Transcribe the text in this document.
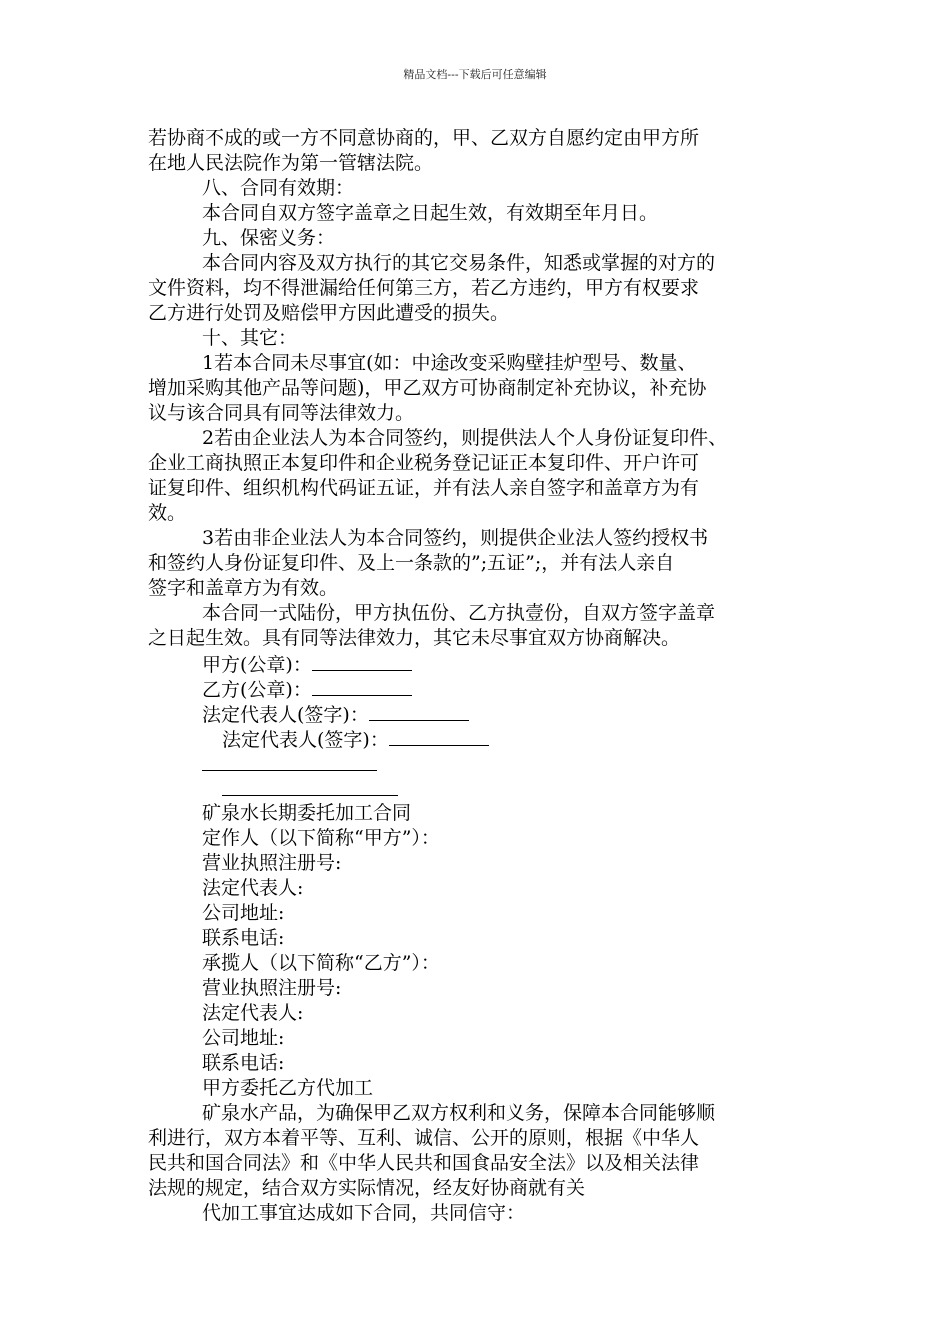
精品文档---下载后可任意编辑
若协商不成的或一方不同意协商的，甲、乙双方自愿约定由甲方所
在地人民法院作为第一管辖法院。
八、合同有效期：
本合同自双方签字盖章之日起生效，有效期至年月日。
九、保密义务：
本合同内容及双方执行的其它交易条件，知悉或掌握的对方的
文件资料，均不得泄漏给任何第三方，若乙方违约，甲方有权要求
乙方进行处罚及赔偿甲方因此遭受的损失。
十、其它：
1若本合同未尽事宜(如：中途改变采购壁挂炉型号、数量、
增加采购其他产品等问题)，甲乙双方可协商制定补充协议，补充协
议与该合同具有同等法律效力。
2若由企业法人为本合同签约，则提供法人个人身份证复印件、
企业工商执照正本复印件和企业税务登记证正本复印件、开户许可
证复印件、组织机构代码证五证，并有法人亲自签字和盖章方为有
效。
3若由非企业法人为本合同签约，则提供企业法人签约授权书
和签约人身份证复印件、及上一条款的”;五证”;，并有法人亲自
签字和盖章方为有效。
本合同一式陆份，甲方执伍份、乙方执壹份，自双方签字盖章
之日起生效。具有同等法律效力，其它未尽事宜双方协商解决。
甲方(公章)：
乙方(公章)：
法定代表人(签字)：
法定代表人(签字)：
矿泉水长期委托加工合同
定作人（以下简称“甲方”）：
营业执照注册号:
法定代表人:
公司地址:
联系电话:
承揽人（以下简称“乙方”）：
营业执照注册号:
法定代表人:
公司地址:
联系电话:
甲方委托乙方代加工
矿泉水产品，为确保甲乙双方权利和义务，保障本合同能够顺
利进行，双方本着平等、互利、诚信、公开的原则，根据《中华人
民共和国合同法》和《中华人民共和国食品安全法》以及相关法律
法规的规定，结合双方实际情况，经友好协商就有关
代加工事宜达成如下合同，共同信守：
